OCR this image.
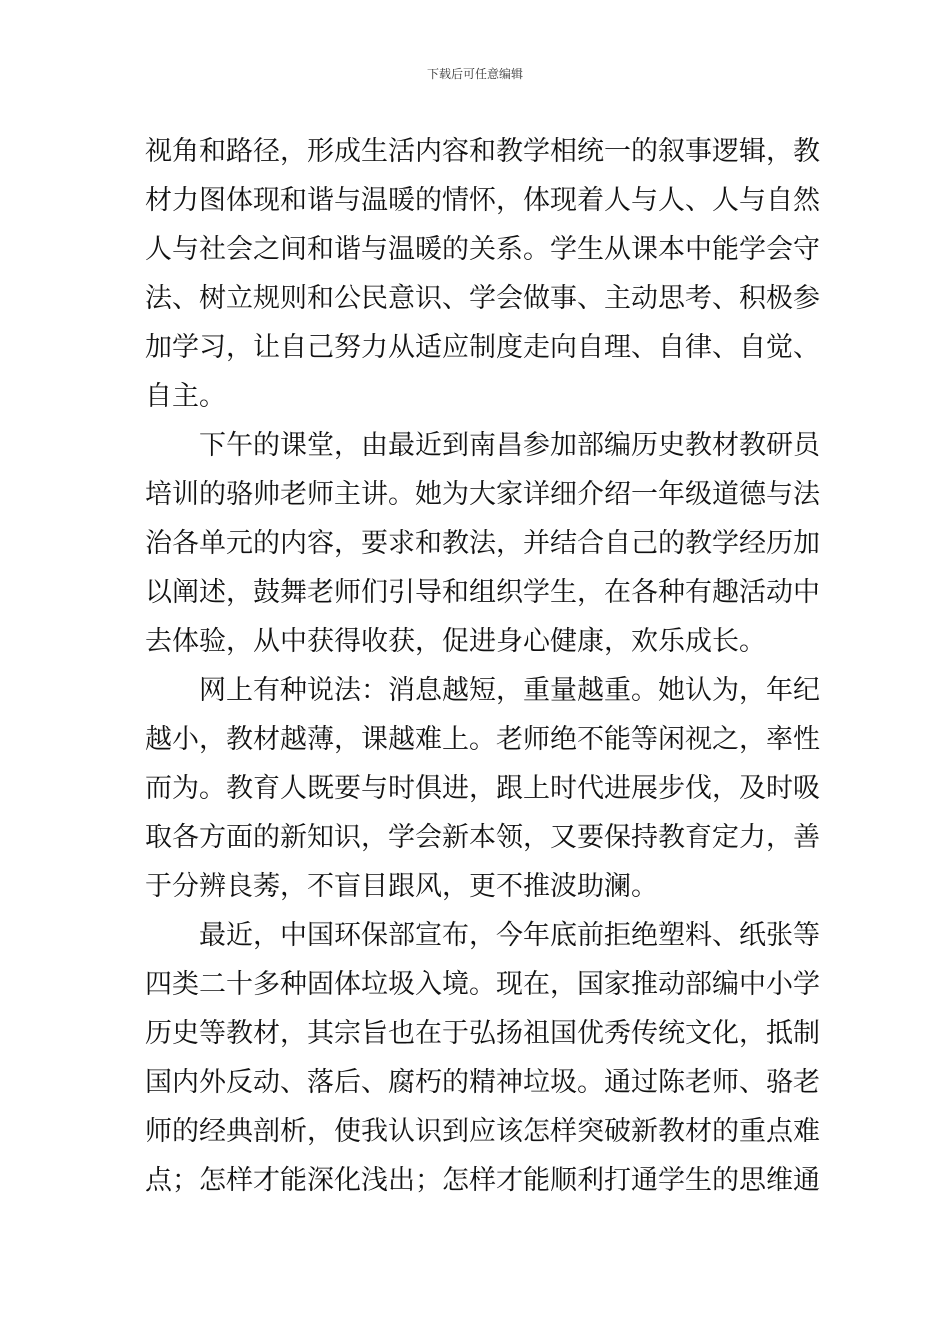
下载后可任意编辑
视角和路径，形成生活内容和教学相统一的叙事逻辑，教
材力图体现和谐与温暖的情怀，体现着人与人、人与自然
人与社会之间和谐与温暖的关系。学生从课本中能学会守
法、树立规则和公民意识、学会做事、主动思考、积极参
加学习，让自己努力从适应制度走向自理、自律、自觉、
自主。
下午的课堂，由最近到南昌参加部编历史教材教研员
培训的骆帅老师主讲。她为大家详细介绍一年级道德与法
治各单元的内容，要求和教法，并结合自己的教学经历加
以阐述，鼓舞老师们引导和组织学生，在各种有趣活动中
去体验，从中获得收获，促进身心健康，欢乐成长。
网上有种说法：消息越短，重量越重。她认为，年纪
越小，教材越薄，课越难上。老师绝不能等闲视之，率性
而为。教育人既要与时俱进，跟上时代进展步伐，及时吸
取各方面的新知识，学会新本领，又要保持教育定力，善
于分辨良莠，不盲目跟风，更不推波助澜。
最近，中国环保部宣布，今年底前拒绝塑料、纸张等
四类二十多种固体垃圾入境。现在，国家推动部编中小学
历史等教材，其宗旨也在于弘扬祖国优秀传统文化，抵制
国内外反动、落后、腐朽的精神垃圾。通过陈老师、骆老
师的经典剖析，使我认识到应该怎样突破新教材的重点难
点；怎样才能深化浅出；怎样才能顺利打通学生的思维通
